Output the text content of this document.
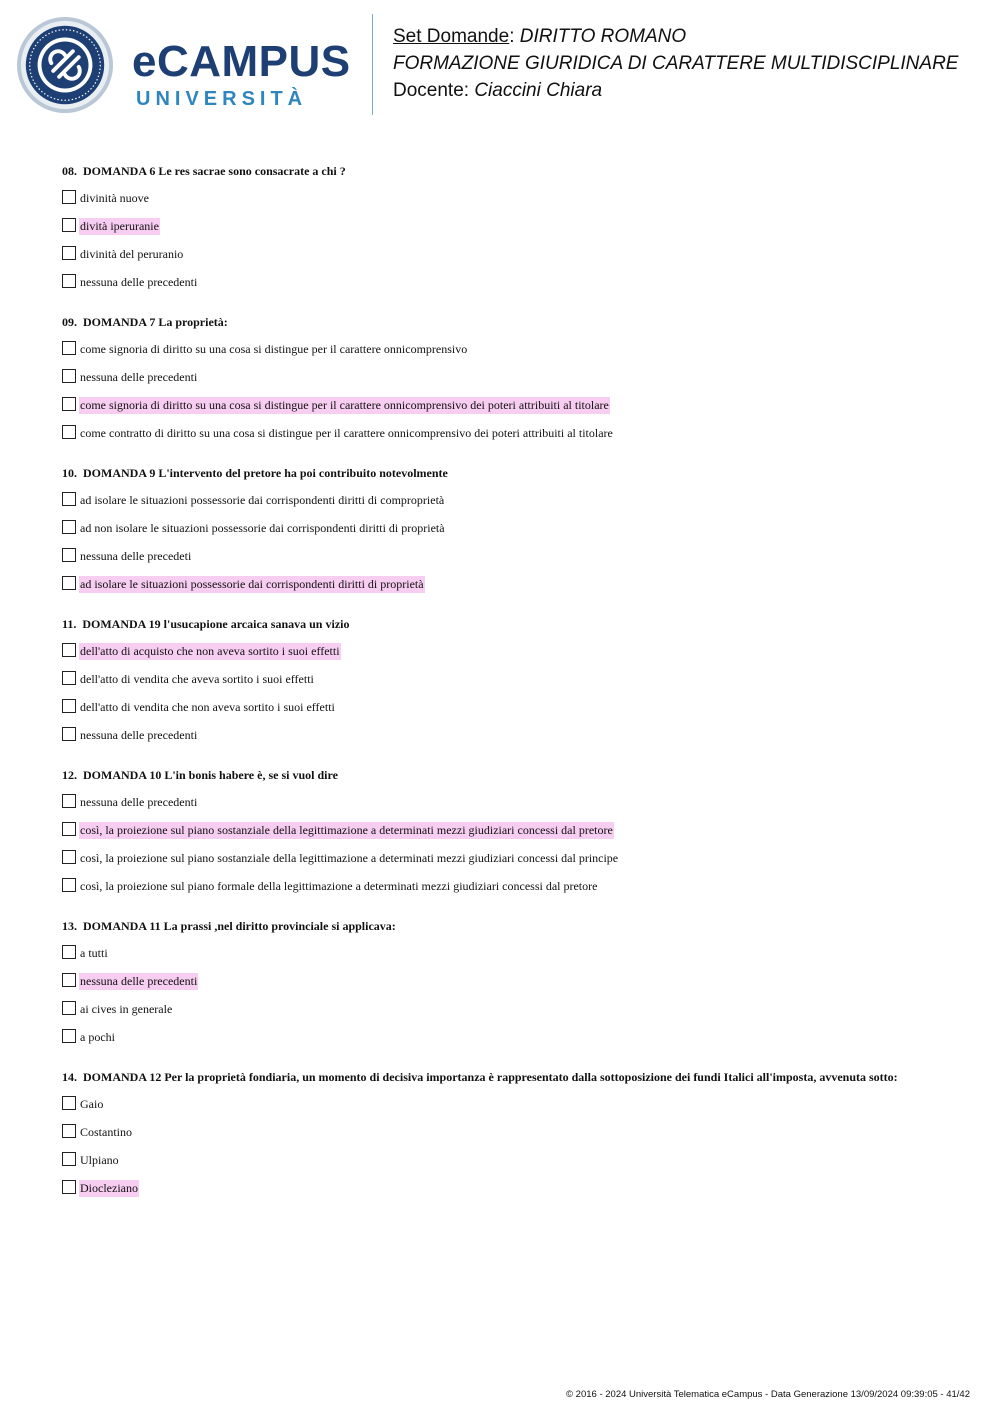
eCAMPUS
UNIVERSITÀ
Set Domande: DIRITTO ROMANO
FORMAZIONE GIURIDICA DI CARATTERE MULTIDISCIPLINARE
Docente: Ciaccini Chiara
08. DOMANDA 6 Le res sacrae sono consacrate a chi ?
divinità nuove
dività iperuranie
divinità del peruranio
nessuna delle precedenti
09. DOMANDA 7 La proprietà:
come signoria di diritto su una cosa si distingue per il carattere onnicomprensivo
nessuna delle precedenti
come signoria di diritto su una cosa si distingue per il carattere onnicomprensivo dei poteri attribuiti al titolare
come contratto di diritto su una cosa si distingue per il carattere onnicomprensivo dei poteri attribuiti al titolare
10. DOMANDA 9 L'intervento del pretore ha poi contribuito notevolmente
ad isolare le situazioni possessorie dai corrispondenti diritti di comproprietà
ad non isolare le situazioni possessorie dai corrispondenti diritti di proprietà
nessuna delle precedeti
ad isolare le situazioni possessorie dai corrispondenti diritti di proprietà
11. DOMANDA 19 l'usucapione arcaica sanava un vizio
dell'atto di acquisto che non aveva sortito i suoi effetti
dell'atto di vendita che aveva sortito i suoi effetti
dell'atto di vendita che non aveva sortito i suoi effetti
nessuna delle precedenti
12. DOMANDA 10 L'in bonis habere è, se si vuol dire
nessuna delle precedenti
così, la proiezione sul piano sostanziale della legittimazione a determinati mezzi giudiziari concessi dal pretore
così, la proiezione sul piano sostanziale della legittimazione a determinati mezzi giudiziari concessi dal principe
così, la proiezione sul piano formale della legittimazione a determinati mezzi giudiziari concessi dal pretore
13. DOMANDA 11 La prassi ,nel diritto provinciale si applicava:
a tutti
nessuna delle precedenti
ai cives in generale
a pochi
14. DOMANDA 12 Per la proprietà fondiaria, un momento di decisiva importanza è rappresentato dalla sottoposizione dei fundi Italici all'imposta, avvenuta sotto:
Gaio
Costantino
Ulpiano
Diocleziano
© 2016 - 2024 Università Telematica eCampus - Data Generazione 13/09/2024 09:39:05 - 41/42
